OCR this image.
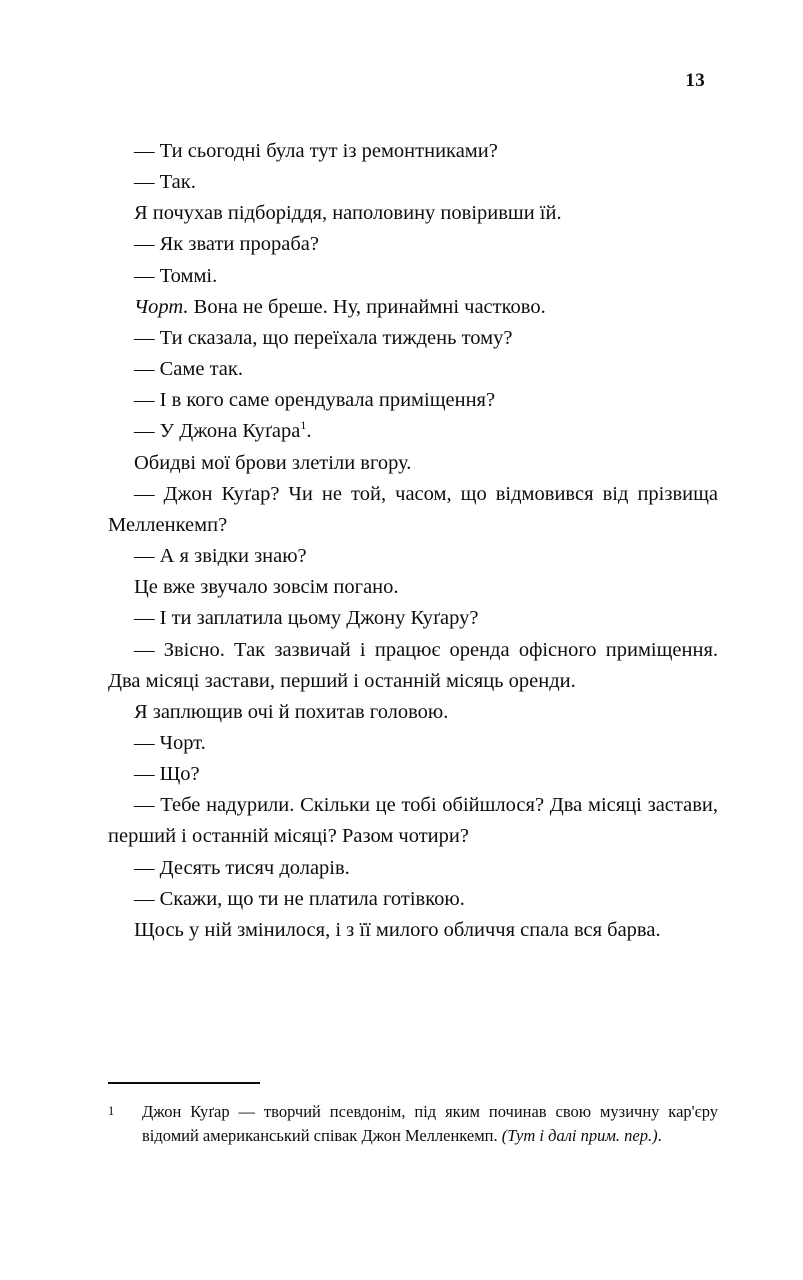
13

— Ти сьогодні була тут із ремонтниками?

— Так.

Я почухав підборіддя, наполовину повіривши їй.

— Як звати прораба?

— Томмі.

Чорт. Вона не бреше. Ну, принаймні частково.

— Ти сказала, що переїхала тиждень тому?

— Саме так.

— І в кого саме орендувала приміщення?

— У Джона Куґара$^1$.

Обидві мої брови злетіли вгору.

— Джон Куґар? Чи не той, часом, що відмовився від прізвища Мелленкемп?

— А я звідки знаю?

Це вже звучало зовсім погано.

— І ти заплатила цьому Джону Куґару?

— Звісно. Так зазвичай і працює оренда офісного приміщення. Два місяці застави, перший і останній місяць оренди.

Я заплющив очі й похитав головою.

— Чорт.

— Що?

— Тебе надурили. Скільки це тобі обійшлося? Два місяці застави, перший і останній місяці? Разом чотири?

— Десять тисяч доларів.

— Скажи, що ти не платила готівкою.

Щось у ній змінилося, і з її милого обличчя спала вся барва.

1	Джон Куґар — творчий псевдонім, під яким починав свою музичну кар'єру відомий американський співак Джон Мелленкемп. (Тут і далі прим. пер.).
